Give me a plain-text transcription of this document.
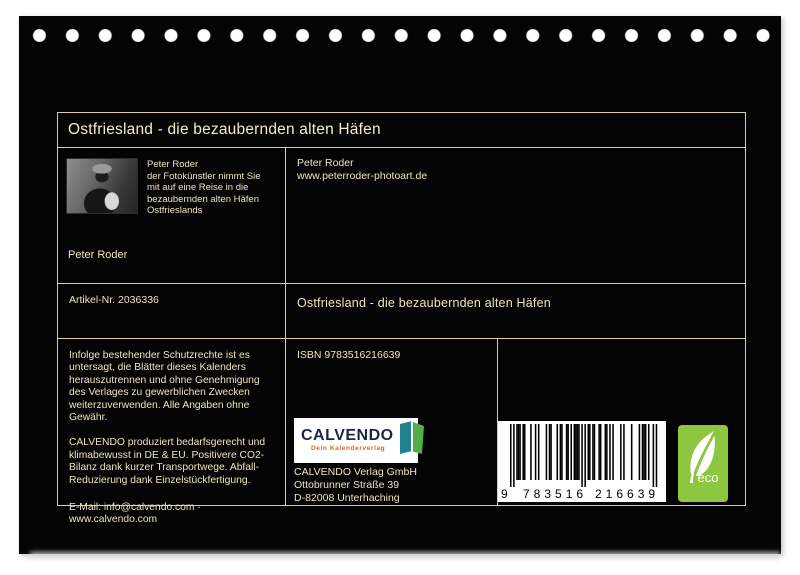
Ostfriesland - die bezaubernden alten Häfen
Peter Roder
der Fotokünstler nimmt Sie
mit auf eine Reise in die
bezaubernden alten Häfen
Ostfrieslands
Peter Roder
Peter Roder
www.peterroder-photoart.de
Artikel-Nr. 2036336	Ostfriesland - die bezaubernden alten Häfen

Infolge bestehender Schutzrechte ist es untersagt, die Blätter dieses Kalenders herauszutrennen und ohne Genehmigung des Verlages zu gewerblichen Zwecken weiterzuverwenden. Alle Angaben ohne Gewähr.

CALVENDO produziert bedarfsgerecht und klimabewusst in DE & EU. Positivere CO2-Bilanz dank kurzer Transportwege. Abfall-Reduzierung dank Einzelstückfertigung.

E-Mail: info@calvendo.com ·
www.calvendo.com
ISBN 9783516216639
CALVENDO
Dein Kalenderverlag
CALVENDO Verlag GmbH
Ottobrunner Straße 39
D-82008 Unterhaching	9 783516 216639
eco
